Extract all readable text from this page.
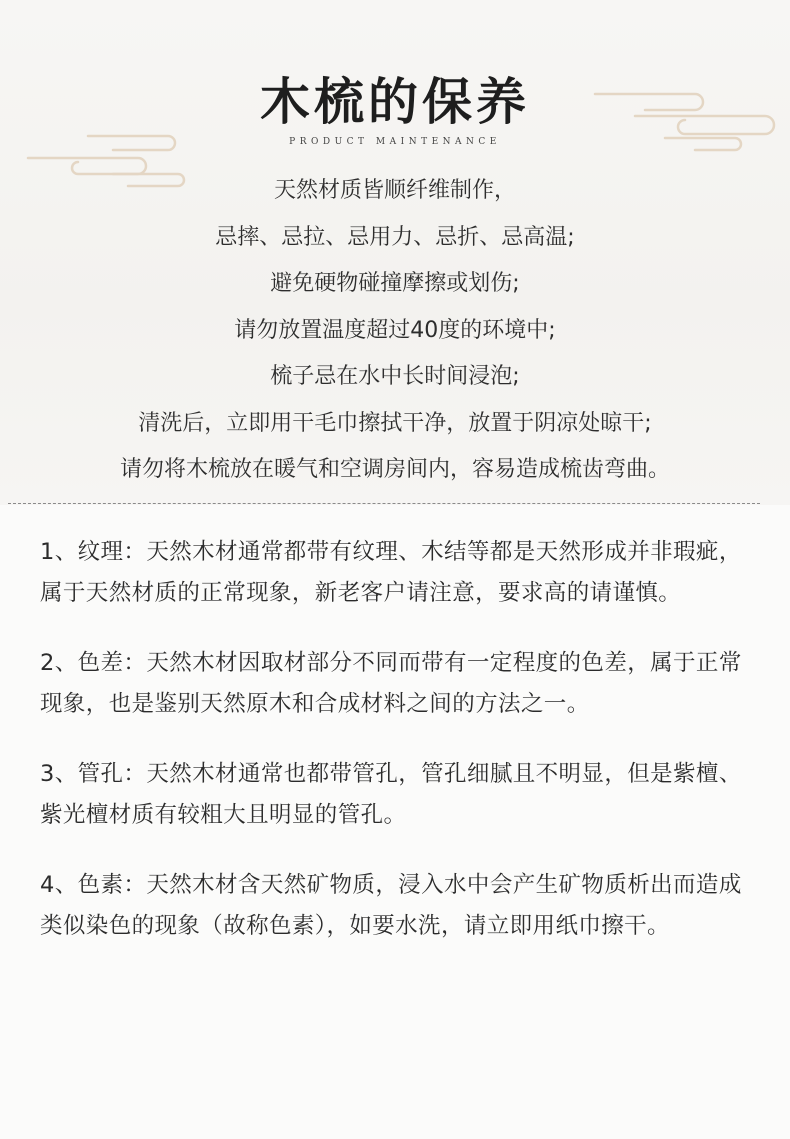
木梳的保养
PRODUCT MAINTENANCE
天然材质皆顺纤维制作，
忌摔、忌拉、忌用力、忌折、忌高温;
避免硬物碰撞摩擦或划伤;
请勿放置温度超过40度的环境中;
梳子忌在水中长时间浸泡;
清洗后，立即用干毛巾擦拭干净，放置于阴凉处晾干;
请勿将木梳放在暖气和空调房间内，容易造成梳齿弯曲。

1、纹理：天然木材通常都带有纹理、木结等都是天然形成并非瑕疵，属于天然材质的正常现象，新老客户请注意，要求高的请谨慎。

2、色差：天然木材因取材部分不同而带有一定程度的色差，属于正常现象，也是鉴别天然原木和合成材料之间的方法之一。

3、管孔：天然木材通常也都带管孔，管孔细腻且不明显，但是紫檀、紫光檀材质有较粗大且明显的管孔。

4、色素：天然木材含天然矿物质，浸入水中会产生矿物质析出而造成类似染色的现象（故称色素），如要水洗，请立即用纸巾擦干。
